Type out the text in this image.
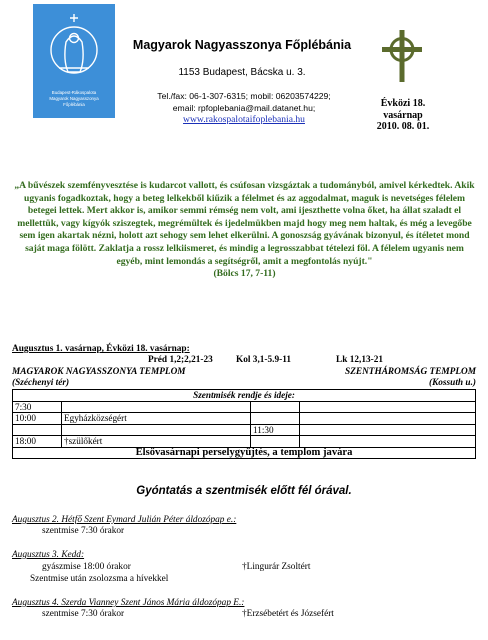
Budapest-Rákospalota
Magyarok Nagyasszonya
Főplébánia
Magyarok Nagyasszonya Főplébánia
1153 Budapest, Bácska u. 3.
Tel./fax: 06-1-307-6315; mobil: 06203574229;
email: rpfoplebania@mail.datanet.hu;
www.rakospalotaifoplebania.hu
Évközi 18.
vasárnap
2010. 08. 01.
„A bűvészek szemfényvesztése is kudarcot vallott, és csúfosan vizsgáztak a tudományból, amivel kérkedtek. Akik ugyanis fogadkoztak, hogy a beteg lelkekből kiűzik a félelmet és az aggodalmat, maguk is nevetséges félelem betegei lettek. Mert akkor is, amikor semmi rémség nem volt, ami ijeszthette volna őket, ha állat szaladt el mellettük, vagy kígyók sziszegtek, megrémültek és ijedelmükben majd hogy meg nem haltak, és még a levegőbe sem igen akartak nézni, holott azt sehogy sem lehet elkerülni. A gonoszság gyávának bizonyul, és ítéletet mond saját maga fölött. Zaklatja a rossz lelkiismeret, és mindig a legrosszabbat tételezi föl. A félelem ugyanis nem egyéb, mint lemondás a segítségről, amit a megfontolás nyújt."
(Bölcs 17, 7-11)
Augusztus 1. vasárnap, Évközi 18. vasárnap:
Préd 1,2;2,21-23 Kol 3,1-5.9-11	Lk 12,13-21
MAGYAROK NAGYASSZONYA TEMPLOM	SZENTHÁROMSÁG TEMPLOM
(Széchenyi tér)	(Kossuth u.)
Szentmisék rendje és ideje:			
7:30			
10:00	Egyházközségért		
		11:30	
18:00	†szülőkért		
Elsővasárnapi perselygyűjtés, a templom javára			
Gyóntatás a szentmisék előtt fél órával.
Augusztus 2. Hétfő Szent Eymard Julián Péter áldozópap e.:
szentmise 7:30 órakor
Augusztus 3. Kedd:
gyászmise 18:00 órakor	†Lingurár Zsoltért
Szentmise után zsolozsma a hívekkel
Augusztus 4. Szerda Vianney Szent János Mária áldozópap E.:
szentmise 7:30 órakor	†Erzsébetért és Józsefért
